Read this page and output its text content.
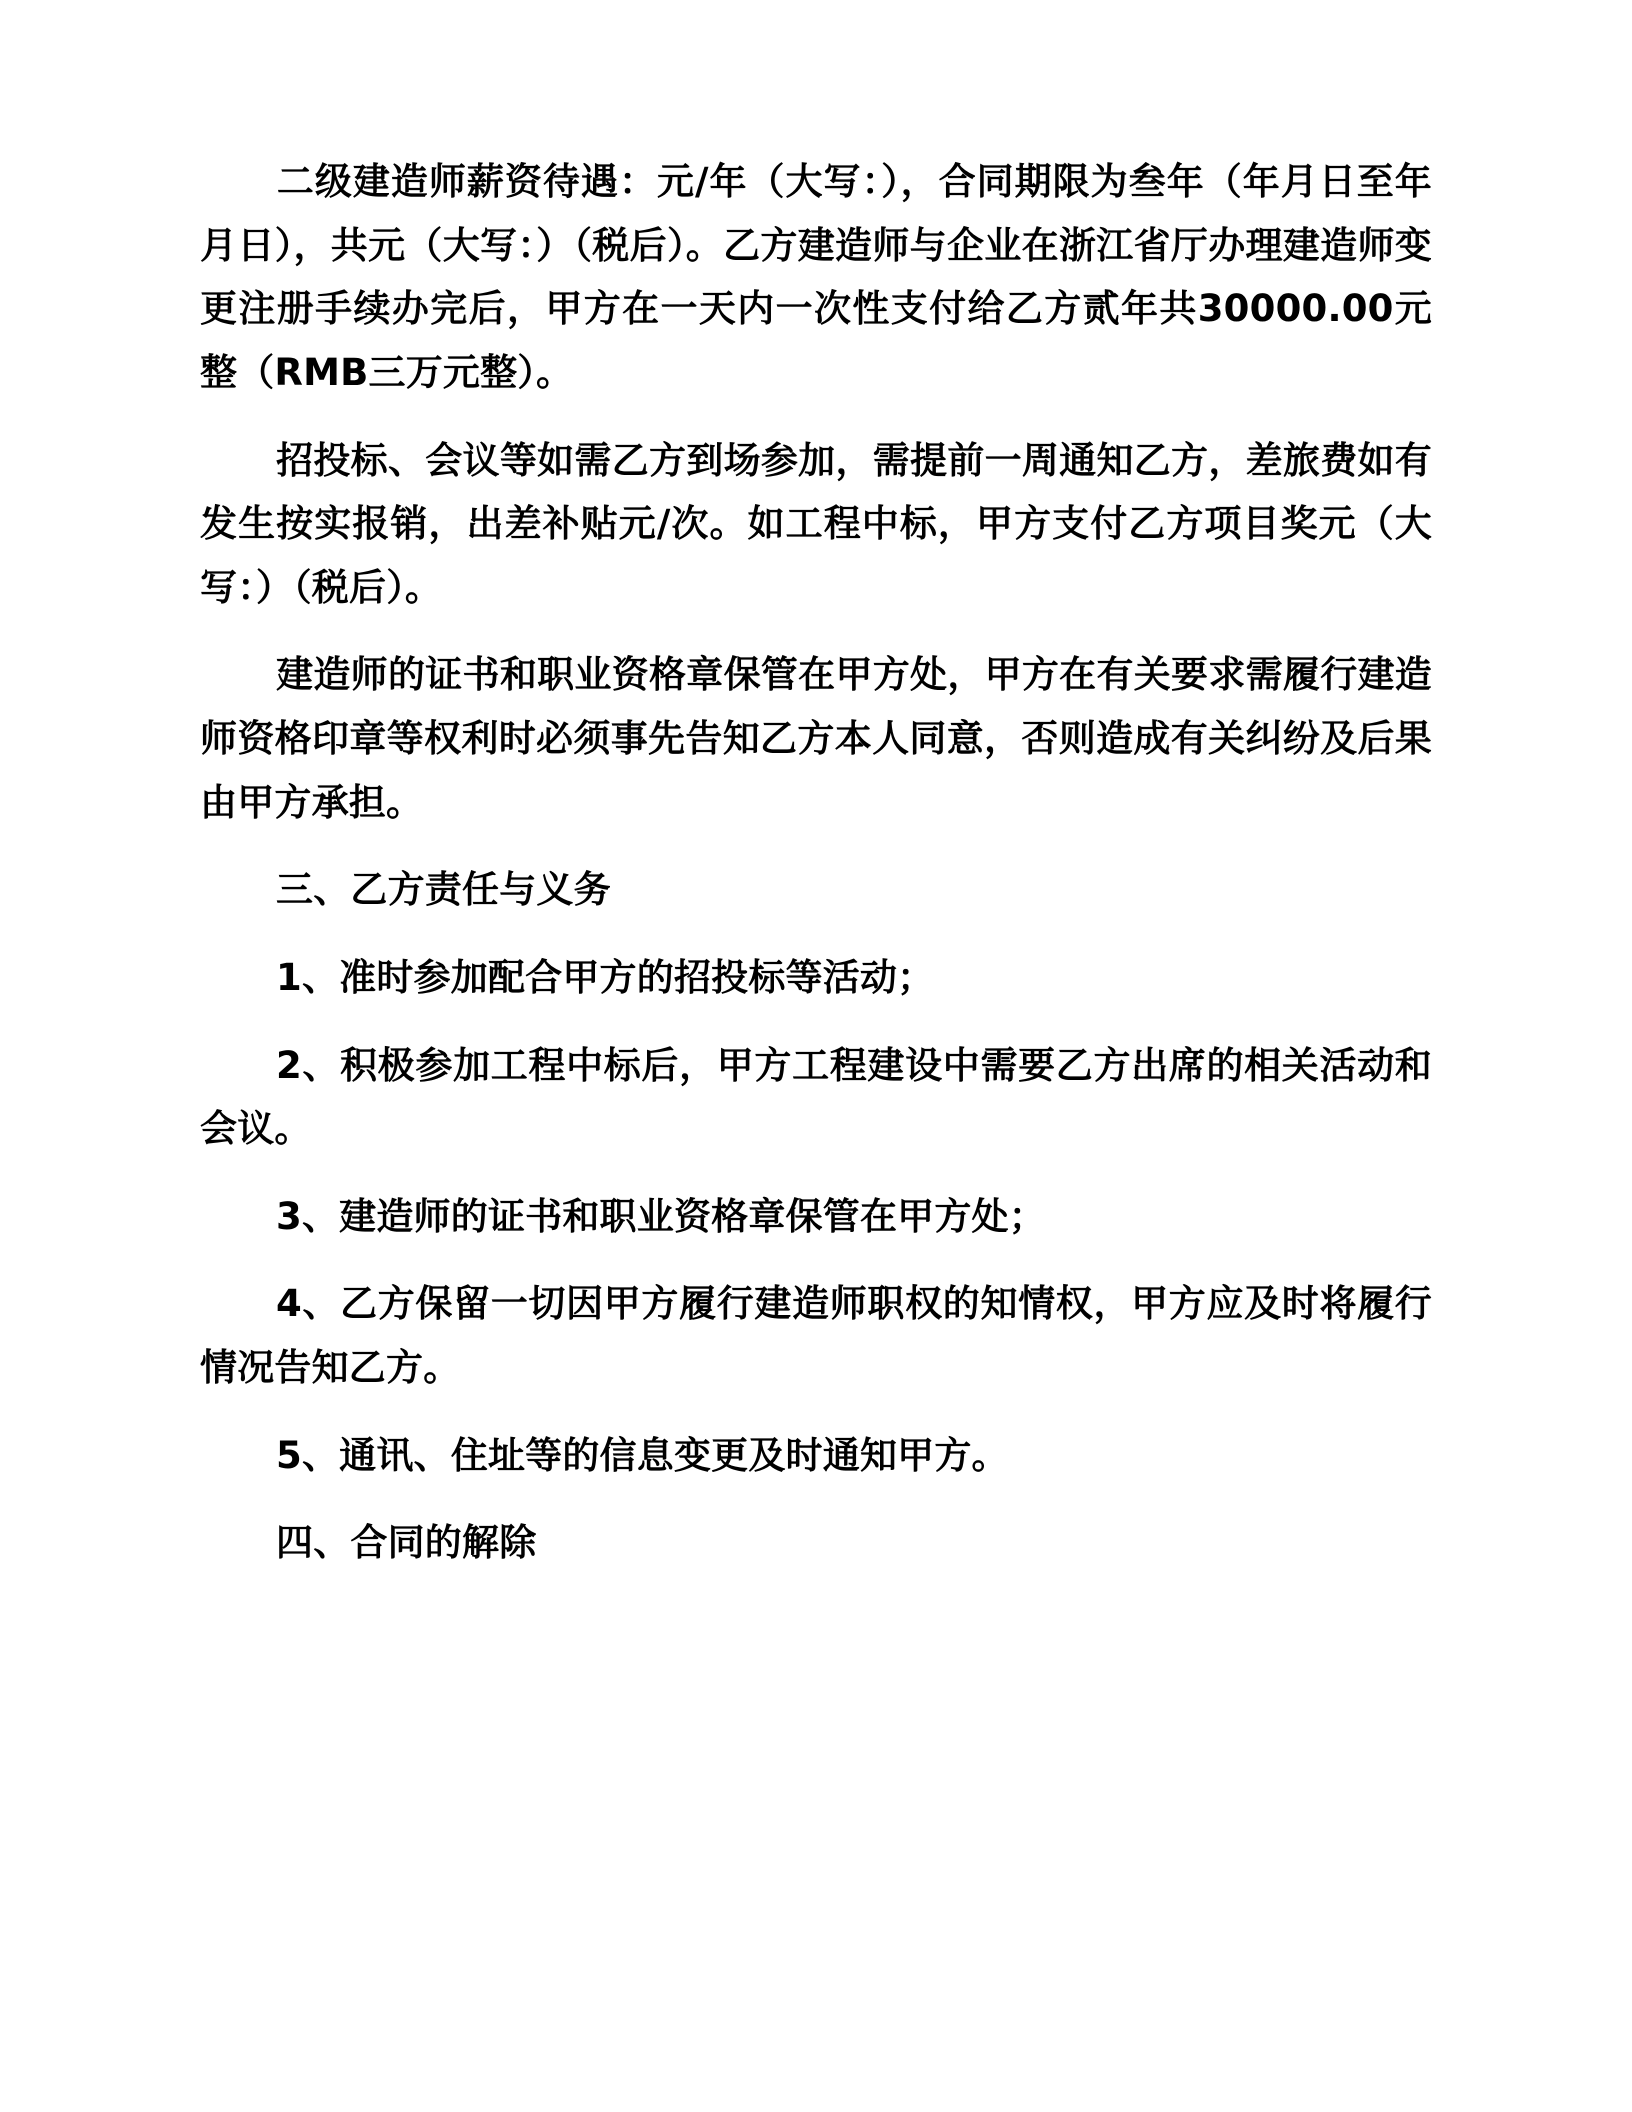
二级建造师薪资待遇：元/年（大写：），合同期限为叁年（年月日至年月日），共元（大写：）（税后）。乙方建造师与企业在浙江省厅办理建造师变更注册手续办完后，甲方在一天内一次性支付给乙方贰年共30000.00元整（RMB三万元整）。

招投标、会议等如需乙方到场参加，需提前一周通知乙方，差旅费如有发生按实报销，出差补贴元/次。如工程中标，甲方支付乙方项目奖元（大写：）（税后）。

建造师的证书和职业资格章保管在甲方处，甲方在有关要求需履行建造师资格印章等权利时必须事先告知乙方本人同意，否则造成有关纠纷及后果由甲方承担。

三、乙方责任与义务

1、准时参加配合甲方的招投标等活动；

2、积极参加工程中标后，甲方工程建设中需要乙方出席的相关活动和会议。

3、建造师的证书和职业资格章保管在甲方处；

4、乙方保留一切因甲方履行建造师职权的知情权，甲方应及时将履行情况告知乙方。

5、通讯、住址等的信息变更及时通知甲方。

四、合同的解除
